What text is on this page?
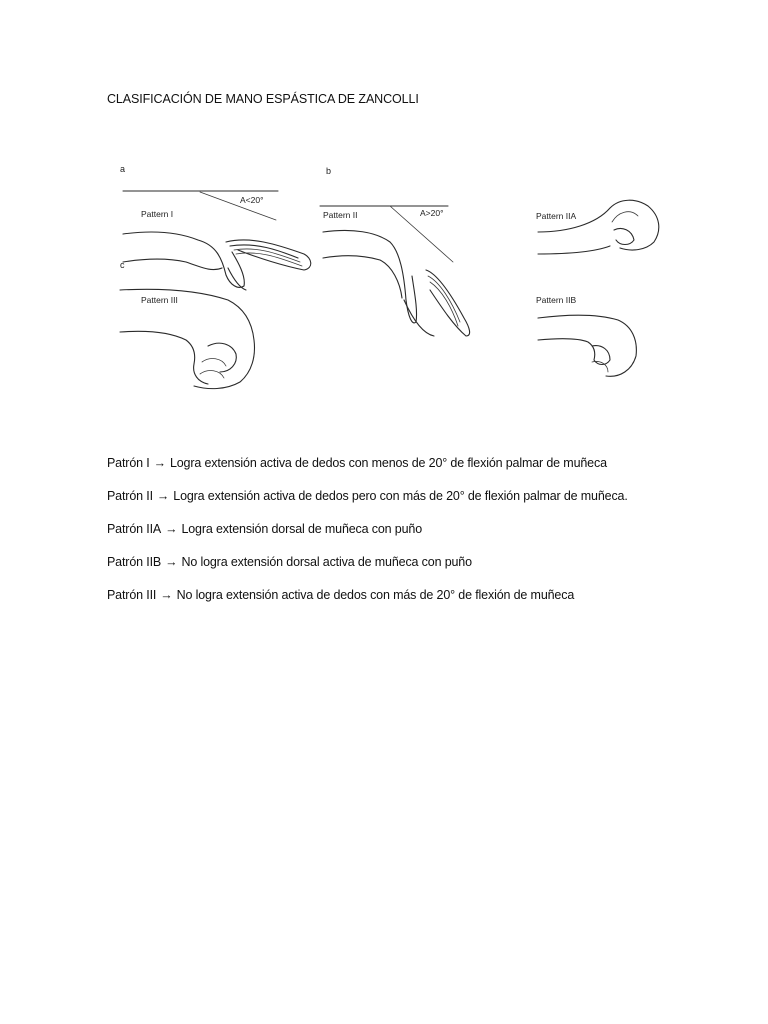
CLASIFICACIÓN DE MANO ESPÁSTICA DE ZANCOLLI
a
A<20°
Pattern I
b
A>20°
Pattern II
c
Pattern III
Pattern IIA
Pattern IIB
Patrón I → Logra extensión activa de dedos con menos de 20° de flexión palmar de muñeca
Patrón II → Logra extensión activa de dedos pero con más de 20° de flexión palmar de muñeca.
Patrón IIA → Logra extensión dorsal de muñeca con puño
Patrón IIB → No logra extensión dorsal activa de muñeca con puño
Patrón III → No logra extensión activa de dedos con más de 20° de flexión de muñeca
